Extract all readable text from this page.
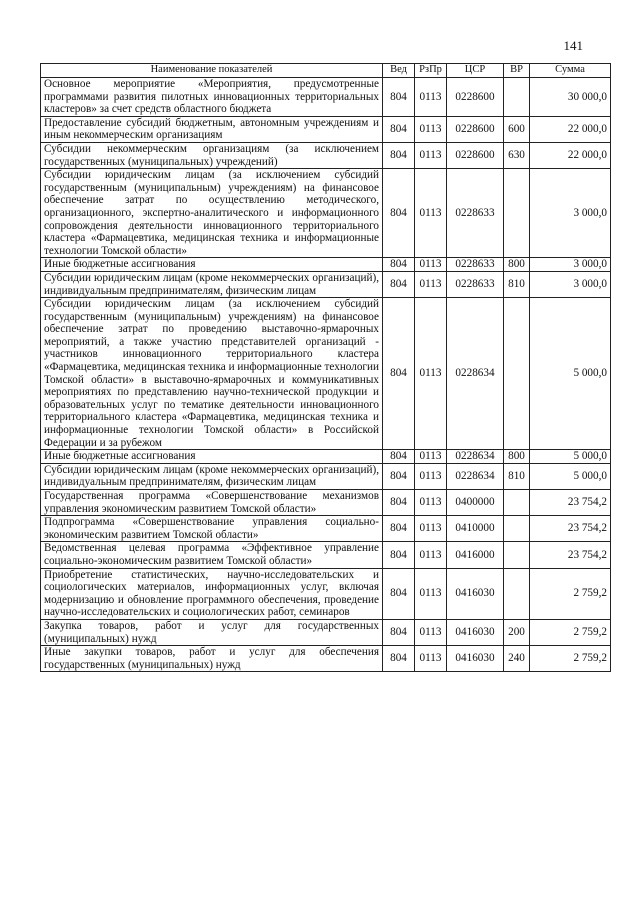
141
Наименование показателей	Вед	РзПр	ЦСР	ВР	Сумма
Основное мероприятие «Мероприятия, предусмотренные программами развития пилотных инновационных территориальных кластеров» за счет средств областного бюджета	804	0113	0228600		30 000,0
Предоставление субсидий бюджетным, автономным учреждениям и иным некоммерческим организациям	804	0113	0228600	600	22 000,0
Субсидии некоммерческим организациям (за исключением государственных (муниципальных) учреждений)	804	0113	0228600	630	22 000,0
Субсидии юридическим лицам (за исключением субсидий государственным (муниципальным) учреждениям) на финансовое обеспечение затрат по осуществлению методического, организационного, экспертно-аналитического и информационного сопровождения деятельности инновационного территориального кластера «Фармацевтика, медицинская техника и информационные технологии Томской области»	804	0113	0228633		3 000,0
Иные бюджетные ассигнования	804	0113	0228633	800	3 000,0
Субсидии юридическим лицам (кроме некоммерческих организаций), индивидуальным предпринимателям, физическим лицам	804	0113	0228633	810	3 000,0
Субсидии юридическим лицам (за исключением субсидий государственным (муниципальным) учреждениям) на финансовое обеспечение затрат по проведению выставочно-ярмарочных мероприятий, а также участию представителей организаций - участников инновационного территориального кластера «Фармацевтика, медицинская техника и информационные технологии Томской области» в выставочно-ярмарочных и коммуникативных мероприятиях по представлению научно-технической продукции и образовательных услуг по тематике деятельности инновационного территориального кластера «Фармацевтика, медицинская техника и информационные технологии Томской области» в Российской Федерации и за рубежом	804	0113	0228634		5 000,0
Иные бюджетные ассигнования	804	0113	0228634	800	5 000,0
Субсидии юридическим лицам (кроме некоммерческих организаций), индивидуальным предпринимателям, физическим лицам	804	0113	0228634	810	5 000,0
Государственная программа «Совершенствование механизмов управления экономическим развитием Томской области»	804	0113	0400000		23 754,2
Подпрограмма «Совершенствование управления социально-экономическим развитием Томской области»	804	0113	0410000		23 754,2
Ведомственная целевая программа «Эффективное управление социально-экономическим развитием Томской области»	804	0113	0416000		23 754,2
Приобретение статистических, научно-исследовательских и социологических материалов, информационных услуг, включая модернизацию и обновление программного обеспечения, проведение научно-исследовательских и социологических работ, семинаров	804	0113	0416030		2 759,2
Закупка товаров, работ и услуг для государственных (муниципальных) нужд	804	0113	0416030	200	2 759,2
Иные закупки товаров, работ и услуг для обеспечения государственных (муниципальных) нужд	804	0113	0416030	240	2 759,2
